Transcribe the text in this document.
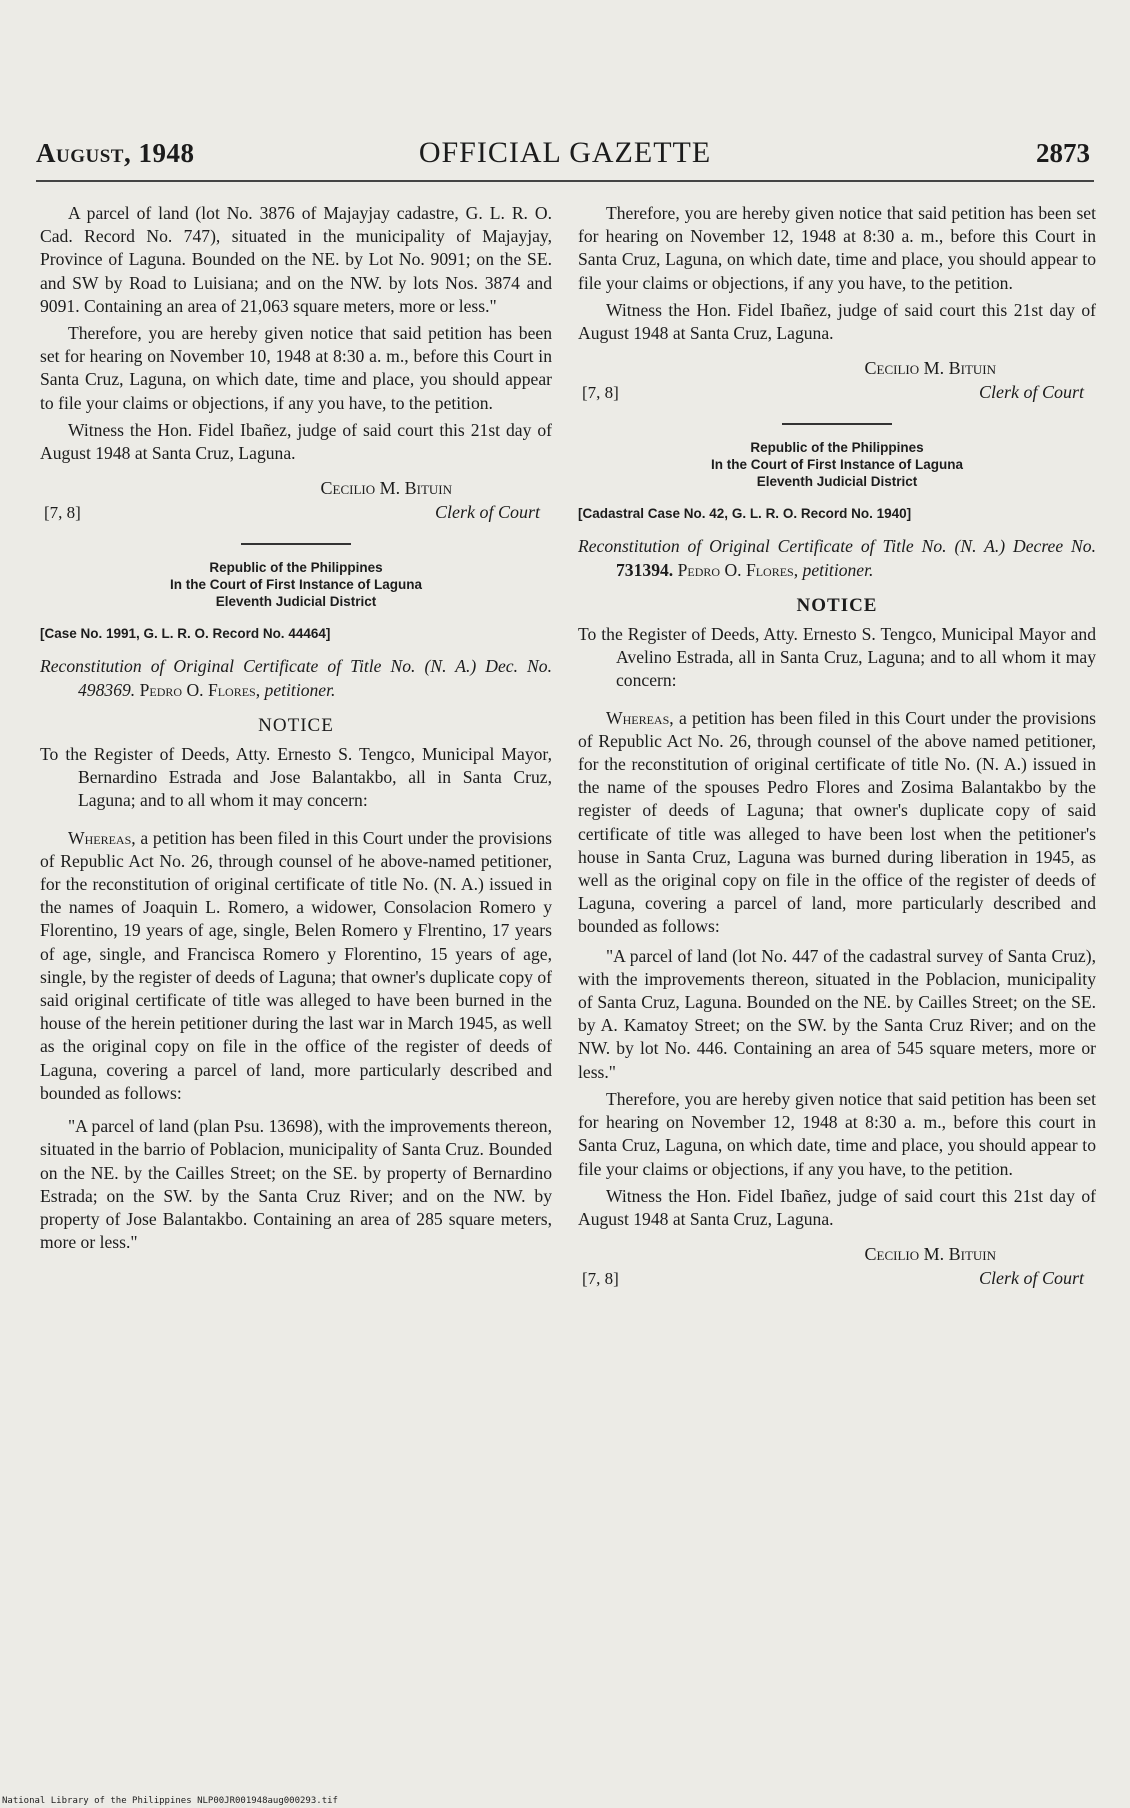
August, 1948	OFFICIAL GAZETTE	2873

A parcel of land (lot No. 3876 of Majayjay cadastre, G. L. R. O. Cad. Record No. 747), situated in the municipality of Majayjay, Province of Laguna. Bounded on the NE. by Lot No. 9091; on the SE. and SW by Road to Luisiana; and on the NW. by lots Nos. 3874 and 9091. Containing an area of 21,063 square meters, more or less."

Therefore, you are hereby given notice that said petition has been set for hearing on November 10, 1948 at 8:30 a. m., before this Court in Santa Cruz, Laguna, on which date, time and place, you should appear to file your claims or objections, if any you have, to the petition.

Witness the Hon. Fidel Ibañez, judge of said court this 21st day of August 1948 at Santa Cruz, Laguna.

Cecilio M. Bituin
Clerk of Court
[7, 8]
Republic of the Philippines
In the Court of First Instance of Laguna
Eleventh Judicial District

[Case No. 1991, G. L. R. O. Record No. 44464]

Reconstitution of Original Certificate of Title No. (N. A.) Dec. No. 498369. Pedro O. Flores, petitioner.

NOTICE

To the Register of Deeds, Atty. Ernesto S. Tengco, Municipal Mayor, Bernardino Estrada and Jose Balantakbo, all in Santa Cruz, Laguna; and to all whom it may concern:

Whereas, a petition has been filed in this Court under the provisions of Republic Act No. 26, through counsel of he above-named petitioner, for the reconstitution of original certificate of title No. (N. A.) issued in the names of Joaquin L. Romero, a widower, Consolacion Romero y Florentino, 19 years of age, single, Belen Romero y Flrentino, 17 years of age, single, and Francisca Romero y Florentino, 15 years of age, single, by the register of deeds of Laguna; that owner's duplicate copy of said original certificate of title was alleged to have been burned in the house of the herein petitioner during the last war in March 1945, as well as the original copy on file in the office of the register of deeds of Laguna, covering a parcel of land, more particularly described and bounded as follows:

"A parcel of land (plan Psu. 13698), with the improvements thereon, situated in the barrio of Poblacion, municipality of Santa Cruz. Bounded on the NE. by the Cailles Street; on the SE. by property of Bernardino Estrada; on the SW. by the Santa Cruz River; and on the NW. by property of Jose Balantakbo. Containing an area of 285 square meters, more or less."

Therefore, you are hereby given notice that said petition has been set for hearing on November 12, 1948 at 8:30 a. m., before this Court in Santa Cruz, Laguna, on which date, time and place, you should appear to file your claims or objections, if any you have, to the petition.

Witness the Hon. Fidel Ibañez, judge of said court this 21st day of August 1948 at Santa Cruz, Laguna.

Cecilio M. Bituin
Clerk of Court
[7, 8]
Republic of the Philippines
In the Court of First Instance of Laguna
Eleventh Judicial District

[Cadastral Case No. 42, G. L. R. O. Record No. 1940]

Reconstitution of Original Certificate of Title No. (N. A.) Decree No. 731394. Pedro O. Flores, petitioner.

NOTICE

To the Register of Deeds, Atty. Ernesto S. Tengco, Municipal Mayor and Avelino Estrada, all in Santa Cruz, Laguna; and to all whom it may concern:

Whereas, a petition has been filed in this Court under the provisions of Republic Act No. 26, through counsel of the above named petitioner, for the reconstitution of original certificate of title No. (N. A.) issued in the name of the spouses Pedro Flores and Zosima Balantakbo by the register of deeds of Laguna; that owner's duplicate copy of said certificate of title was alleged to have been lost when the petitioner's house in Santa Cruz, Laguna was burned during liberation in 1945, as well as the original copy on file in the office of the register of deeds of Laguna, covering a parcel of land, more particularly described and bounded as follows:

"A parcel of land (lot No. 447 of the cadastral survey of Santa Cruz), with the improvements thereon, situated in the Poblacion, municipality of Santa Cruz, Laguna. Bounded on the NE. by Cailles Street; on the SE. by A. Kamatoy Street; on the SW. by the Santa Cruz River; and on the NW. by lot No. 446. Containing an area of 545 square meters, more or less."

Therefore, you are hereby given notice that said petition has been set for hearing on November 12, 1948 at 8:30 a. m., before this court in Santa Cruz, Laguna, on which date, time and place, you should appear to file your claims or objections, if any you have, to the petition.

Witness the Hon. Fidel Ibañez, judge of said court this 21st day of August 1948 at Santa Cruz, Laguna.

Cecilio M. Bituin
Clerk of Court
[7, 8]
National Library of the Philippines NLP00JR001948aug000293.tif
